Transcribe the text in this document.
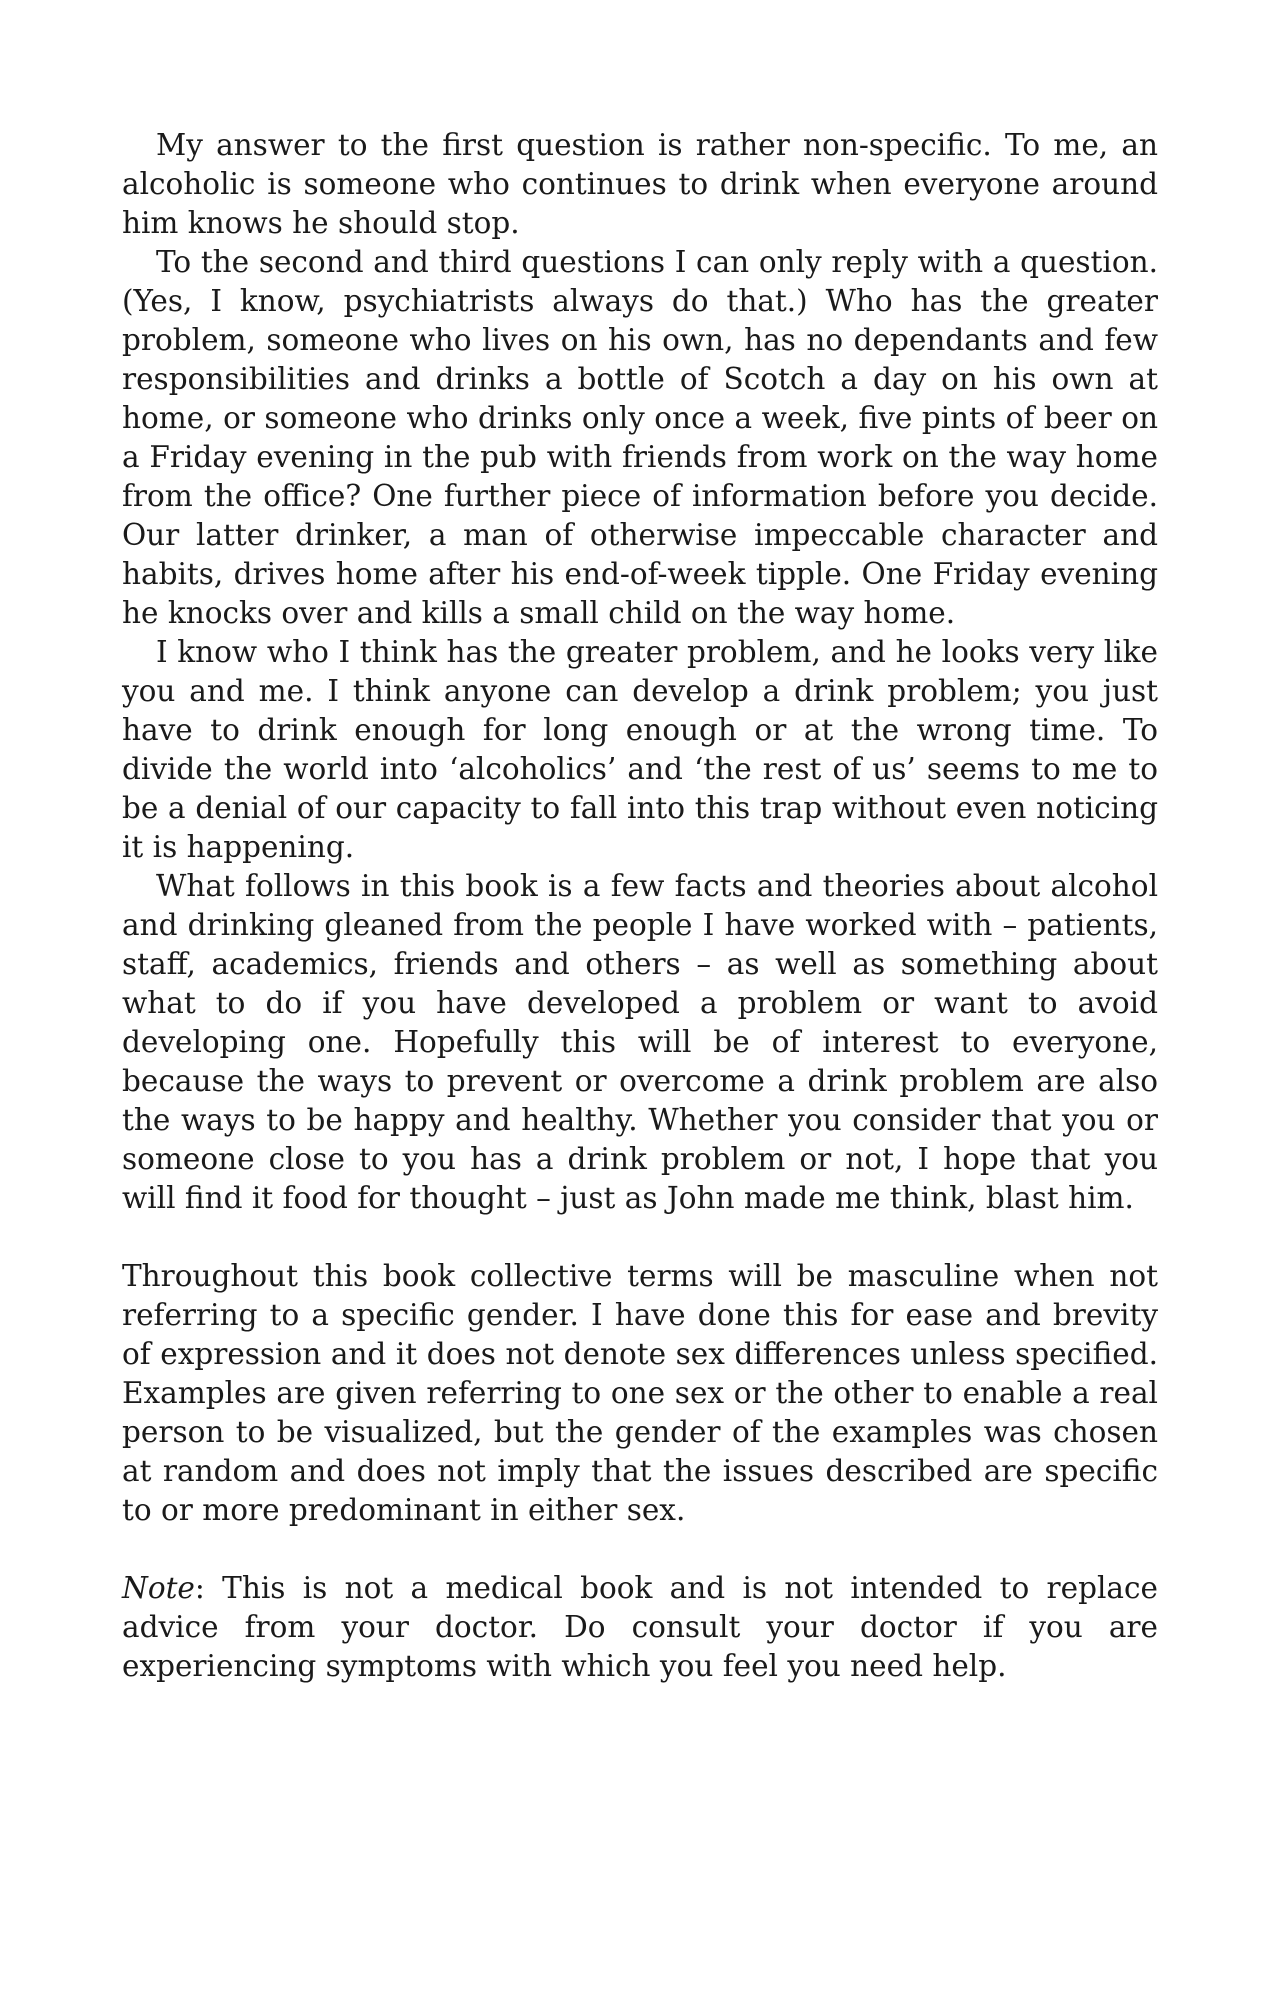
My answer to the first question is rather non-specific. To me, an alcoholic is someone who continues to drink when everyone around him knows he should stop.

To the second and third questions I can only reply with a question. (Yes, I know, psychiatrists always do that.) Who has the greater problem, someone who lives on his own, has no dependants and few responsibilities and drinks a bottle of Scotch a day on his own at home, or someone who drinks only once a week, five pints of beer on a Friday evening in the pub with friends from work on the way home from the office? One further piece of information before you decide. Our latter drinker, a man of otherwise impeccable character and habits, drives home after his end-of-week tipple. One Friday evening he knocks over and kills a small child on the way home.

I know who I think has the greater problem, and he looks very like you and me. I think anyone can develop a drink problem; you just have to drink enough for long enough or at the wrong time. To divide the world into ‘alcoholics’ and ‘the rest of us’ seems to me to be a denial of our capacity to fall into this trap without even noticing it is happening.

What follows in this book is a few facts and theories about alcohol and drinking gleaned from the people I have worked with – patients, staff, academics, friends and others – as well as something about what to do if you have developed a problem or want to avoid developing one. Hopefully this will be of interest to everyone, because the ways to prevent or overcome a drink problem are also the ways to be happy and healthy. Whether you consider that you or someone close to you has a drink problem or not, I hope that you will find it food for thought – just as John made me think, blast him.

Throughout this book collective terms will be masculine when not referring to a specific gender. I have done this for ease and brevity of expression and it does not denote sex differences unless specified. Examples are given referring to one sex or the other to enable a real person to be visualized, but the gender of the examples was chosen at random and does not imply that the issues described are specific to or more predominant in either sex.

Note: This is not a medical book and is not intended to replace advice from your doctor. Do consult your doctor if you are experiencing symptoms with which you feel you need help.
